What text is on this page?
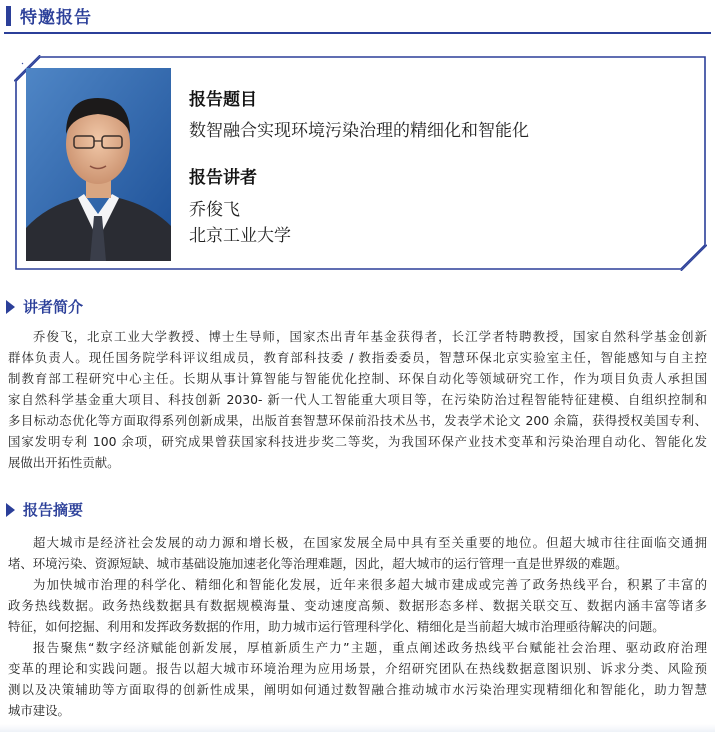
特邀报告
报告题目
数智融合实现环境污染治理的精细化和智能化
报告讲者
乔俊飞
北京工业大学
讲者简介
乔俊飞，北京工业大学教授、博士生导师，国家杰出青年基金获得者，长江学者特聘教授，国家自然科学基金创新
群体负责人。现任国务院学科评议组成员，教育部科技委 / 教指委委员，智慧环保北京实验室主任，智能感知与自主控
制教育部工程研究中心主任。长期从事计算智能与智能优化控制、环保自动化等领域研究工作，作为项目负责人承担国
家自然科学基金重大项目、科技创新 2030- 新一代人工智能重大项目等，在污染防治过程智能特征建模、自组织控制和
多目标动态优化等方面取得系列创新成果，出版首套智慧环保前沿技术丛书，发表学术论文 200 余篇，获得授权美国专利、
国家发明专利 100 余项，研究成果曾获国家科技进步奖二等奖，为我国环保产业技术变革和污染治理自动化、智能化发
展做出开拓性贡献。
报告摘要
超大城市是经济社会发展的动力源和增长极，在国家发展全局中具有至关重要的地位。但超大城市往往面临交通拥
堵、环境污染、资源短缺、城市基础设施加速老化等治理难题，因此，超大城市的运行管理一直是世界级的难题。
为加快城市治理的科学化、精细化和智能化发展，近年来很多超大城市建成或完善了政务热线平台，积累了丰富的
政务热线数据。政务热线数据具有数据规模海量、变动速度高频、数据形态多样、数据关联交互、数据内涵丰富等诸多
特征，如何挖掘、利用和发挥政务数据的作用，助力城市运行管理科学化、精细化是当前超大城市治理亟待解决的问题。
报告聚焦“数字经济赋能创新发展，厚植新质生产力”主题，重点阐述政务热线平台赋能社会治理、驱动政府治理
变革的理论和实践问题。报告以超大城市环境治理为应用场景，介绍研究团队在热线数据意图识别、诉求分类、风险预
测以及决策辅助等方面取得的创新性成果，阐明如何通过数智融合推动城市水污染治理实现精细化和智能化，助力智慧
城市建设。
